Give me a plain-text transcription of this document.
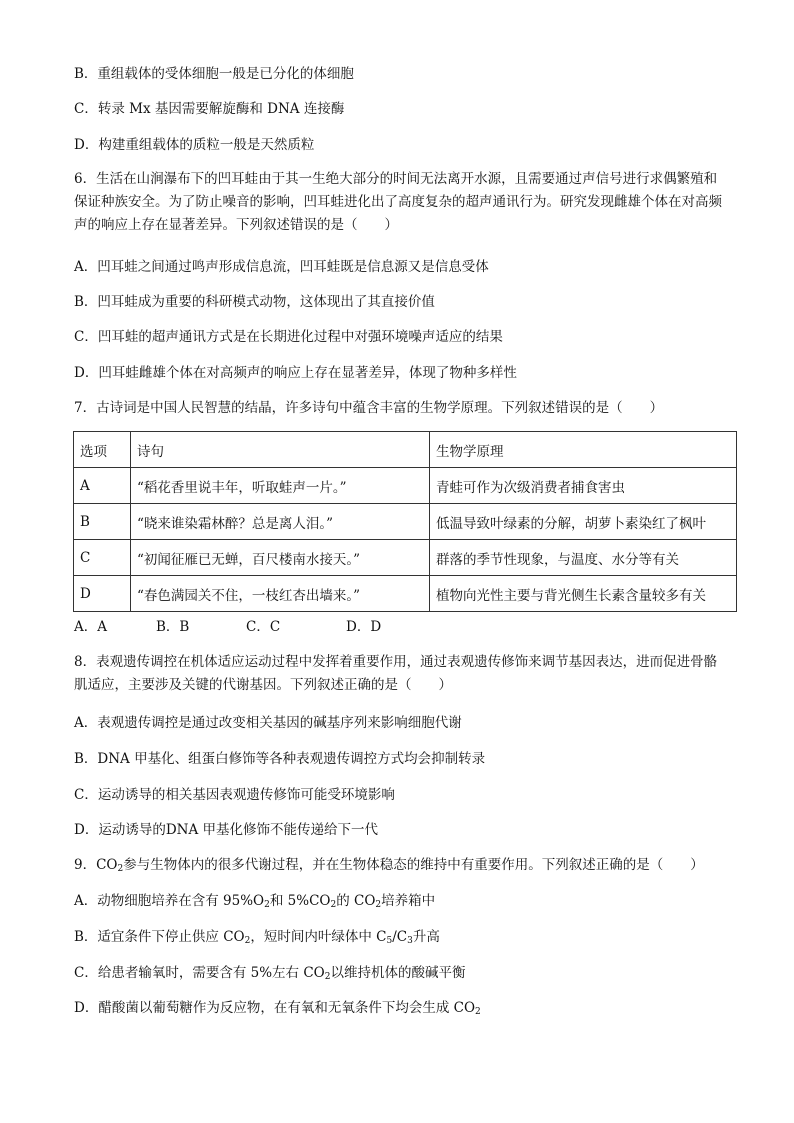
B．重组载体的受体细胞一般是已分化的体细胞
C．转录 Mx 基因需要解旋酶和 DNA 连接酶
D．构建重组载体的质粒一般是天然质粒
6．生活在山涧瀑布下的凹耳蛙由于其一生绝大部分的时间无法离开水源，且需要通过声信号进行求偶繁殖和保证种族安全。为了防止噪音的影响，凹耳蛙进化出了高度复杂的超声通讯行为。研究发现雌雄个体在对高频声的响应上存在显著差异。下列叙述错误的是（　　）
A．凹耳蛙之间通过鸣声形成信息流，凹耳蛙既是信息源又是信息受体
B．凹耳蛙成为重要的科研模式动物，这体现出了其直接价值
C．凹耳蛙的超声通讯方式是在长期进化过程中对强环境噪声适应的结果
D．凹耳蛙雌雄个体在对高频声的响应上存在显著差异，体现了物种多样性
7．古诗词是中国人民智慧的结晶，许多诗句中蕴含丰富的生物学原理。下列叙述错误的是（　　）
选项	诗句	生物学原理
A	“稻花香里说丰年，听取蛙声一片。”	青蛙可作为次级消费者捕食害虫
B	“晓来谁染霜林醉？总是离人泪。”	低温导致叶绿素的分解，胡萝卜素染红了枫叶
C	“初闻征雁已无蝉，百尺楼南水接天。”	群落的季节性现象，与温度、水分等有关
D	“春色满园关不住，一枝红杏出墙来。”	植物向光性主要与背光侧生长素含量较多有关
A．A	B．B	C．C	D．D
8．表观遗传调控在机体适应运动过程中发挥着重要作用，通过表观遗传修饰来调节基因表达，进而促进骨骼肌适应，主要涉及关键的代谢基因。下列叙述正确的是（　　）
A．表观遗传调控是通过改变相关基因的碱基序列来影响细胞代谢
B．DNA 甲基化、组蛋白修饰等各种表观遗传调控方式均会抑制转录
C．运动诱导的相关基因表观遗传修饰可能受环境影响
D．运动诱导的DNA 甲基化修饰不能传递给下一代
9．$CO_2$参与生物体内的很多代谢过程，并在生物体稳态的维持中有重要作用。下列叙述正确的是（　　）
A．动物细胞培养在含有 $95\%O_2$和 $5\%CO_2$的 $CO_2$培养箱中
B．适宜条件下停止供应 $CO_2$，短时间内叶绿体中 $C_5/C_3$升高
C．给患者输氧时，需要含有 5%左右 $CO_2$以维持机体的酸碱平衡
D．醋酸菌以葡萄糖作为反应物，在有氧和无氧条件下均会生成 $CO_2$
